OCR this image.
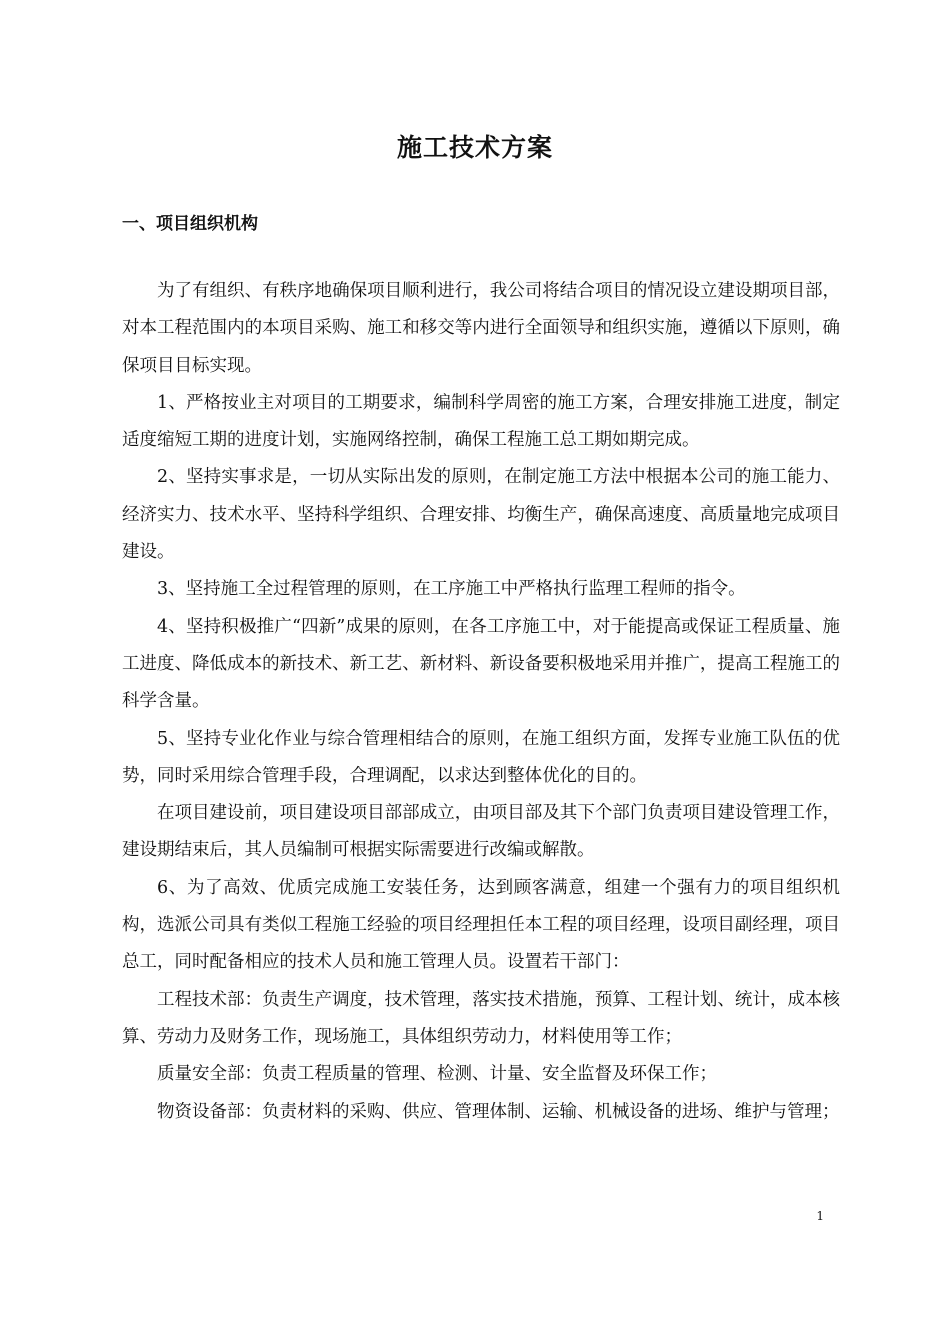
施工技术方案
一、项目组织机构

为了有组织、有秩序地确保项目顺利进行，我公司将结合项目的情况设立建设期项目部，对本工程范围内的本项目采购、施工和移交等内进行全面领导和组织实施，遵循以下原则，确保项目目标实现。

1、严格按业主对项目的工期要求，编制科学周密的施工方案，合理安排施工进度，制定适度缩短工期的进度计划，实施网络控制，确保工程施工总工期如期完成。

2、坚持实事求是，一切从实际出发的原则，在制定施工方法中根据本公司的施工能力、经济实力、技术水平、坚持科学组织、合理安排、均衡生产，确保高速度、高质量地完成项目建设。

3、坚持施工全过程管理的原则，在工序施工中严格执行监理工程师的指令。

4、坚持积极推广“四新”成果的原则，在各工序施工中，对于能提高或保证工程质量、施工进度、降低成本的新技术、新工艺、新材料、新设备要积极地采用并推广，提高工程施工的科学含量。

5、坚持专业化作业与综合管理相结合的原则，在施工组织方面，发挥专业施工队伍的优势，同时采用综合管理手段，合理调配，以求达到整体优化的目的。

在项目建设前，项目建设项目部部成立，由项目部及其下个部门负责项目建设管理工作，建设期结束后，其人员编制可根据实际需要进行改编或解散。

6、为了高效、优质完成施工安装任务，达到顾客满意，组建一个强有力的项目组织机构，选派公司具有类似工程施工经验的项目经理担任本工程的项目经理，设项目副经理，项目总工，同时配备相应的技术人员和施工管理人员。设置若干部门：

工程技术部：负责生产调度，技术管理，落实技术措施，预算、工程计划、统计，成本核算、劳动力及财务工作，现场施工，具体组织劳动力，材料使用等工作；

质量安全部：负责工程质量的管理、检测、计量、安全监督及环保工作；

物资设备部：负责材料的采购、供应、管理体制、运输、机械设备的进场、维护与管理；

1
